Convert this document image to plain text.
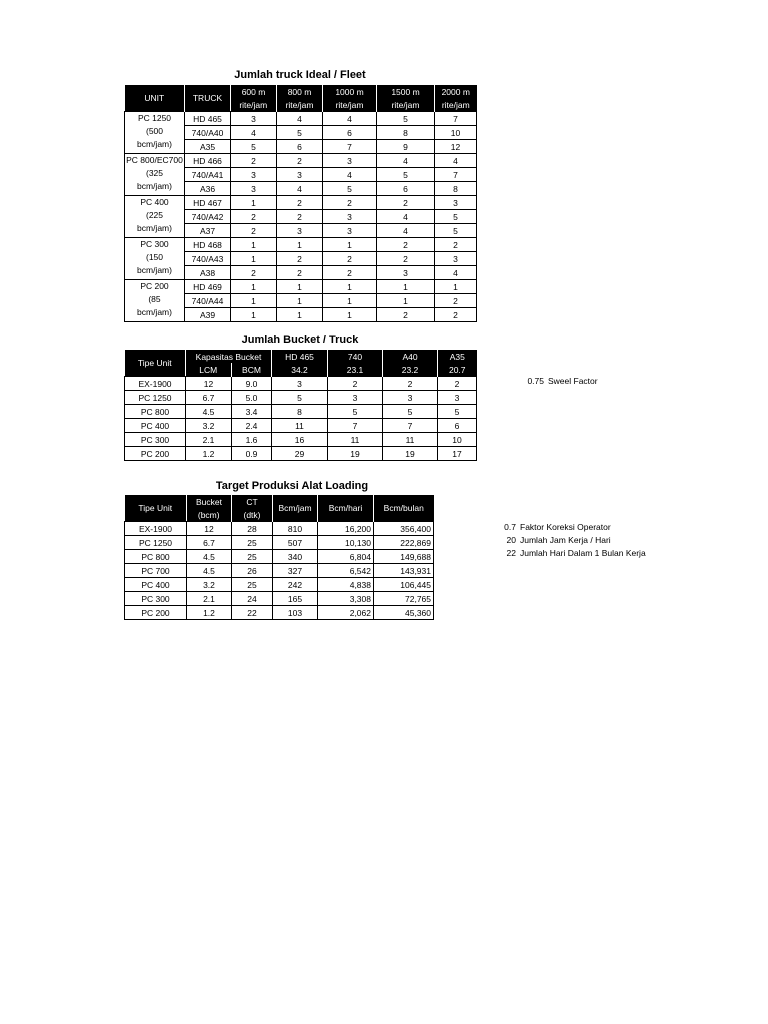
Jumlah truck Ideal / Fleet
UNIT	TRUCK	600 m	800 m	1000 m	1500 m	2000 m
		rite/jam	rite/jam	rite/jam	rite/jam	rite/jam

PC 1250
(500
bcm/jam)	HD 465	3	4	4	5	7
	740/A40	4	5	6	8	10
	A35	5	6	7	9	12

PC 800/EC700
(325
bcm/jam)	HD 466	2	2	3	4	4
	740/A41	3	3	4	5	7
	A36	3	4	5	6	8

PC 400
(225
bcm/jam)	HD 467	1	2	2	2	3
	740/A42	2	2	3	4	5
	A37	2	3	3	4	5

PC 300
(150
bcm/jam)	HD 468	1	1	1	2	2
	740/A43	1	2	2	2	3
	A38	2	2	2	3	4

PC 200
(85
bcm/jam)	HD 469	1	1	1	1	1
	740/A44	1	1	1	1	2
	A39	1	1	1	2	2
Jumlah Bucket / Truck
Tipe Unit	Kapasitas Bucket		HD 465	740	A40	A35
	LCM	BCM	34.2	23.1	23.2	20.7
EX-1900	12	9.0	3	2	2	2
PC 1250	6.7	5.0	5	3	3	3
PC 800	4.5	3.4	8	5	5	5
PC 400	3.2	2.4	11	7	7	6
PC 300	2.1	1.6	16	11	11	10
PC 200	1.2	0.9	29	19	19	17
0.75 Sweel Factor
Target Produksi Alat Loading
Tipe Unit	Bucket	CT	Bcm/jam	Bcm/hari	Bcm/bulan
	(bcm)	(dtk)			
EX-1900	12	28	810	16,200	356,400
PC 1250	6.7	25	507	10,130	222,869
PC 800	4.5	25	340	6,804	149,688
PC 700	4.5	26	327	6,542	143,931
PC 400	3.2	25	242	4,838	106,445
PC 300	2.1	24	165	3,308	72,765
PC 200	1.2	22	103	2,062	45,360
0.7 Faktor Koreksi Operator
20 Jumlah Jam Kerja / Hari
22 Jumlah Hari Dalam 1 Bulan Kerja
